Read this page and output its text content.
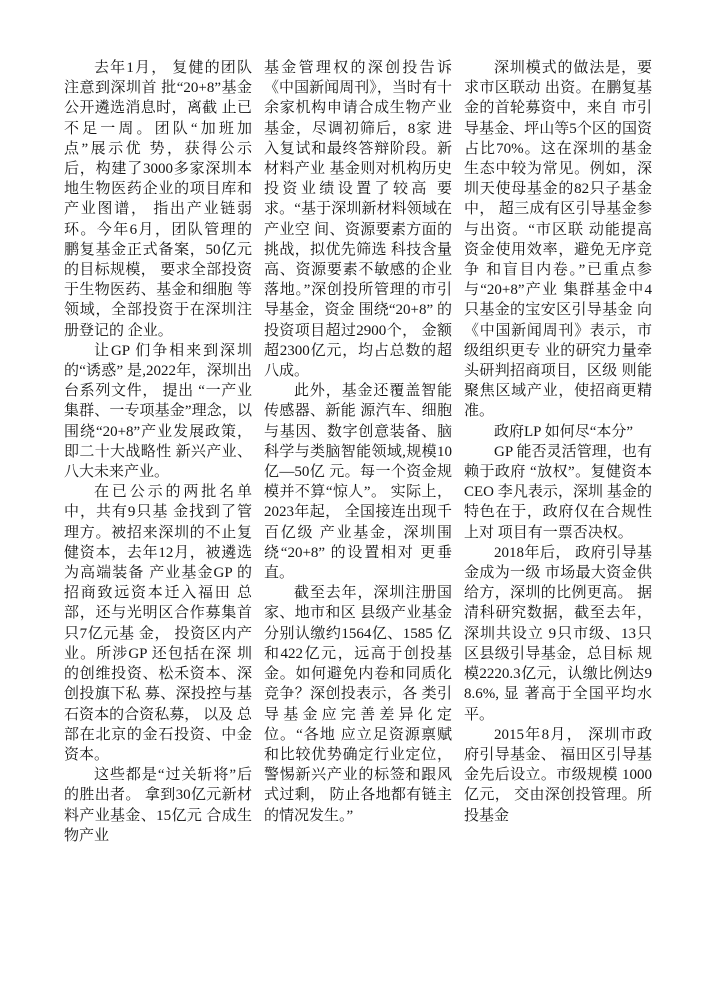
去年1月， 复健的团队注意到深圳首 批“20+8”基金公开遴选消息时，离截 止已不足一周。团队“加班加点”展示优 势，获得公示后，构建了3000多家深圳本地生物医药企业的项目库和产业图谱， 指出产业链弱环。今年6月，团队管理的 鹏复基金正式备案，50亿元的目标规模， 要求全部投资于生物医药、基金和细胞 等领域，全部投资于在深圳注册登记的 企业。

让GP 们争相来到深圳的“诱惑” 是,2022年，深圳出台系列文件， 提出 “一产业集群、一专项基金”理念，以围绕“20+8”产业发展政策，即二十大战略性 新兴产业、八大未来产业。

在已公示的两批名单中，共有9只基 金找到了管理方。被招来深圳的不止复 健资本，去年12月，被遴选为高端装备 产业基金GP 的招商致远资本迁入福田 总部，还与光明区合作募集首只7亿元基 金， 投资区内产业。所涉GP 还包括在深 圳的创维投资、松禾资本、深创投旗下私 募、深投控与基石资本的合资私募， 以及 总部在北京的金石投资、中金资本。

这些都是“过关斩将”后的胜出者。 拿到30亿元新材料产业基金、15亿元 合成生物产业

基金管理权的深创投告诉 《中国新闻周刊》，当时有十余家机构申请合成生物产业基金，尽调初筛后，8家 进入复试和最终答辩阶段。新材料产业 基金则对机构历史投资业绩设置了较高 要求。“基于深圳新材料领域在产业空 间、资源要素方面的挑战，拟优先筛选 科技含量高、资源要素不敏感的企业落地。”深创投所管理的市引导基金，资金 围绕“20+8” 的投资项目超过2900个， 金额超2300亿元，均占总数的超八成。

此外，基金还覆盖智能传感器、新能 源汽车、细胞与基因、数字创意装备、脑 科学与类脑智能领域,规模10亿—50亿 元。每一个资金规模并不算“惊人”。 实际上，2023年起， 全国接连出现千百亿级 产业基金，深圳围绕“20+8” 的设置相对 更垂直。

截至去年，深圳注册国家、地市和区 县级产业基金分别认缴约1564亿、1585 亿和422亿元，远高于创投基金。如何避免内卷和同质化竞争？深创投表示，各 类引导基金应完善差异化定位。“各地 应立足资源禀赋和比较优势确定行业定位， 警惕新兴产业的标签和跟风式过剩， 防止各地都有链主的情况发生。”

深圳模式的做法是，要求市区联动 出资。在鹏复基金的首轮募资中，来自 市引导基金、坪山等5个区的国资占比70%。这在深圳的基金生态中较为常见。例如，深圳天使母基金的82只子基金中， 超三成有区引导基金参与出资。“市区联 动能提高资金使用效率，避免无序竞争 和盲目内卷。”已重点参与“20+8”产业 集群基金中4只基金的宝安区引导基金 向《中国新闻周刊》表示，市级组织更专 业的研究力量牵头研判招商项目，区级 则能聚焦区域产业，使招商更精准。

政府LP 如何尽“本分”

GP 能否灵活管理，也有赖于政府 “放权”。复健资本CEO 李凡表示，深圳 基金的特色在于，政府仅在合规性上对 项目有一票否决权。

2018年后， 政府引导基金成为一级 市场最大资金供给方，深圳的比例更高。 据清科研究数据，截至去年，深圳共设立 9只市级、13只区县级引导基金，总目标 规模2220.3亿元，认缴比例达98.6%, 显 著高于全国平均水平。

2015年8月， 深圳市政府引导基金、 福田区引导基金先后设立。市级规模 1000亿元， 交由深创投管理。所投基金
